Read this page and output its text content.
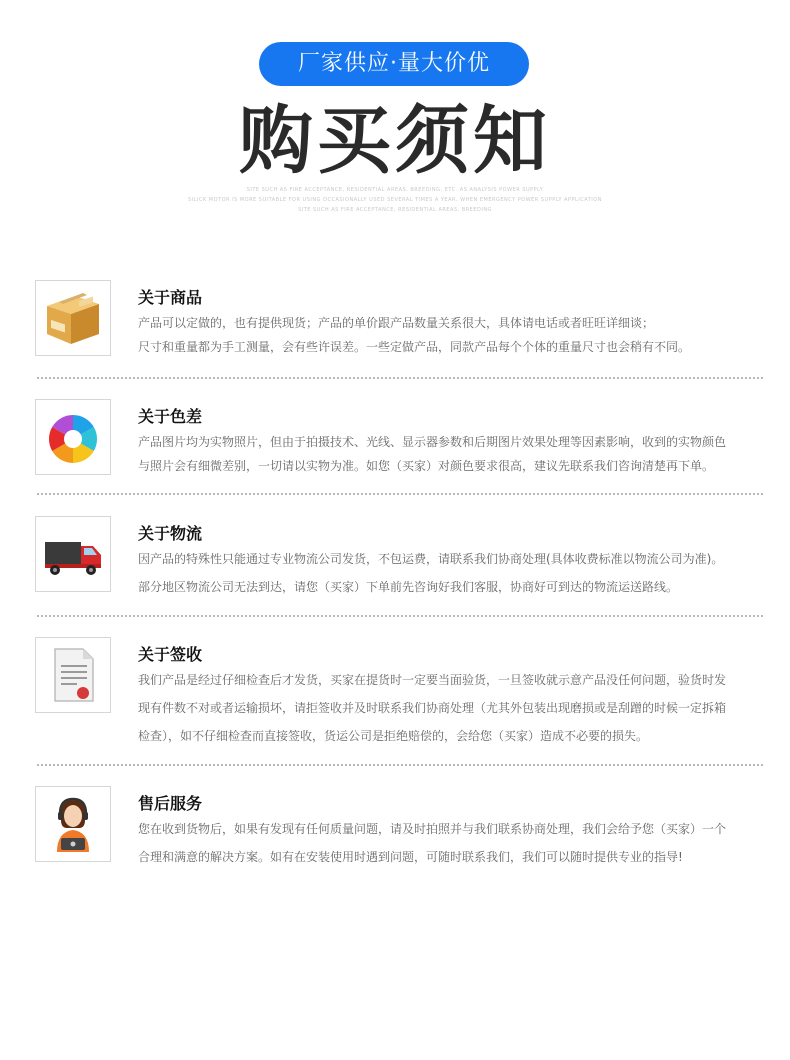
厂家供应·量大价优
购买须知
SITE SUCH AS FIRE ACCEPTANCE, RESIDENTIAL AREAS, BREEDING, ETC. AS ANALYSIS POWER SUPPLY
SILICK MOTOR IS MORE SUITABLE FOR USING OCCASIONALLY USED SEVERAL TIMES A YEAR, WHEN EMERGENCY POWER SUPPLY APPLICATION
SITE SUCH AS FIRE ACCEPTANCE, RESIDENTIAL AREAS, BREEDING
关于商品

产品可以定做的，也有提供现货；产品的单价跟产品数量关系很大，具体请电话或者旺旺详细谈；

尺寸和重量都为手工测量，会有些许误差。一些定做产品，同款产品每个个体的重量尺寸也会稍有不同。

关于色差

产品图片均为实物照片，但由于拍摄技术、光线、显示器参数和后期图片效果处理等因素影响，收到的实物颜色

与照片会有细微差别，一切请以实物为准。如您（买家）对颜色要求很高，建议先联系我们咨询清楚再下单。

关于物流

因产品的特殊性只能通过专业物流公司发货，不包运费，请联系我们协商处理(具体收费标准以物流公司为准)。

部分地区物流公司无法到达，请您（买家）下单前先咨询好我们客服，协商好可到达的物流运送路线。

关于签收

我们产品是经过仔细检查后才发货，买家在提货时一定要当面验货，一旦签收就示意产品没任何问题，验货时发

现有件数不对或者运输损坏，请拒签收并及时联系我们协商处理（尤其外包装出现磨损或是刮蹭的时候一定拆箱

检查），如不仔细检查而直接签收，货运公司是拒绝赔偿的，会给您（买家）造成不必要的损失。

售后服务

您在收到货物后，如果有发现有任何质量问题，请及时拍照并与我们联系协商处理，我们会给予您（买家）一个

合理和满意的解决方案。如有在安装使用时遇到问题，可随时联系我们，我们可以随时提供专业的指导!
